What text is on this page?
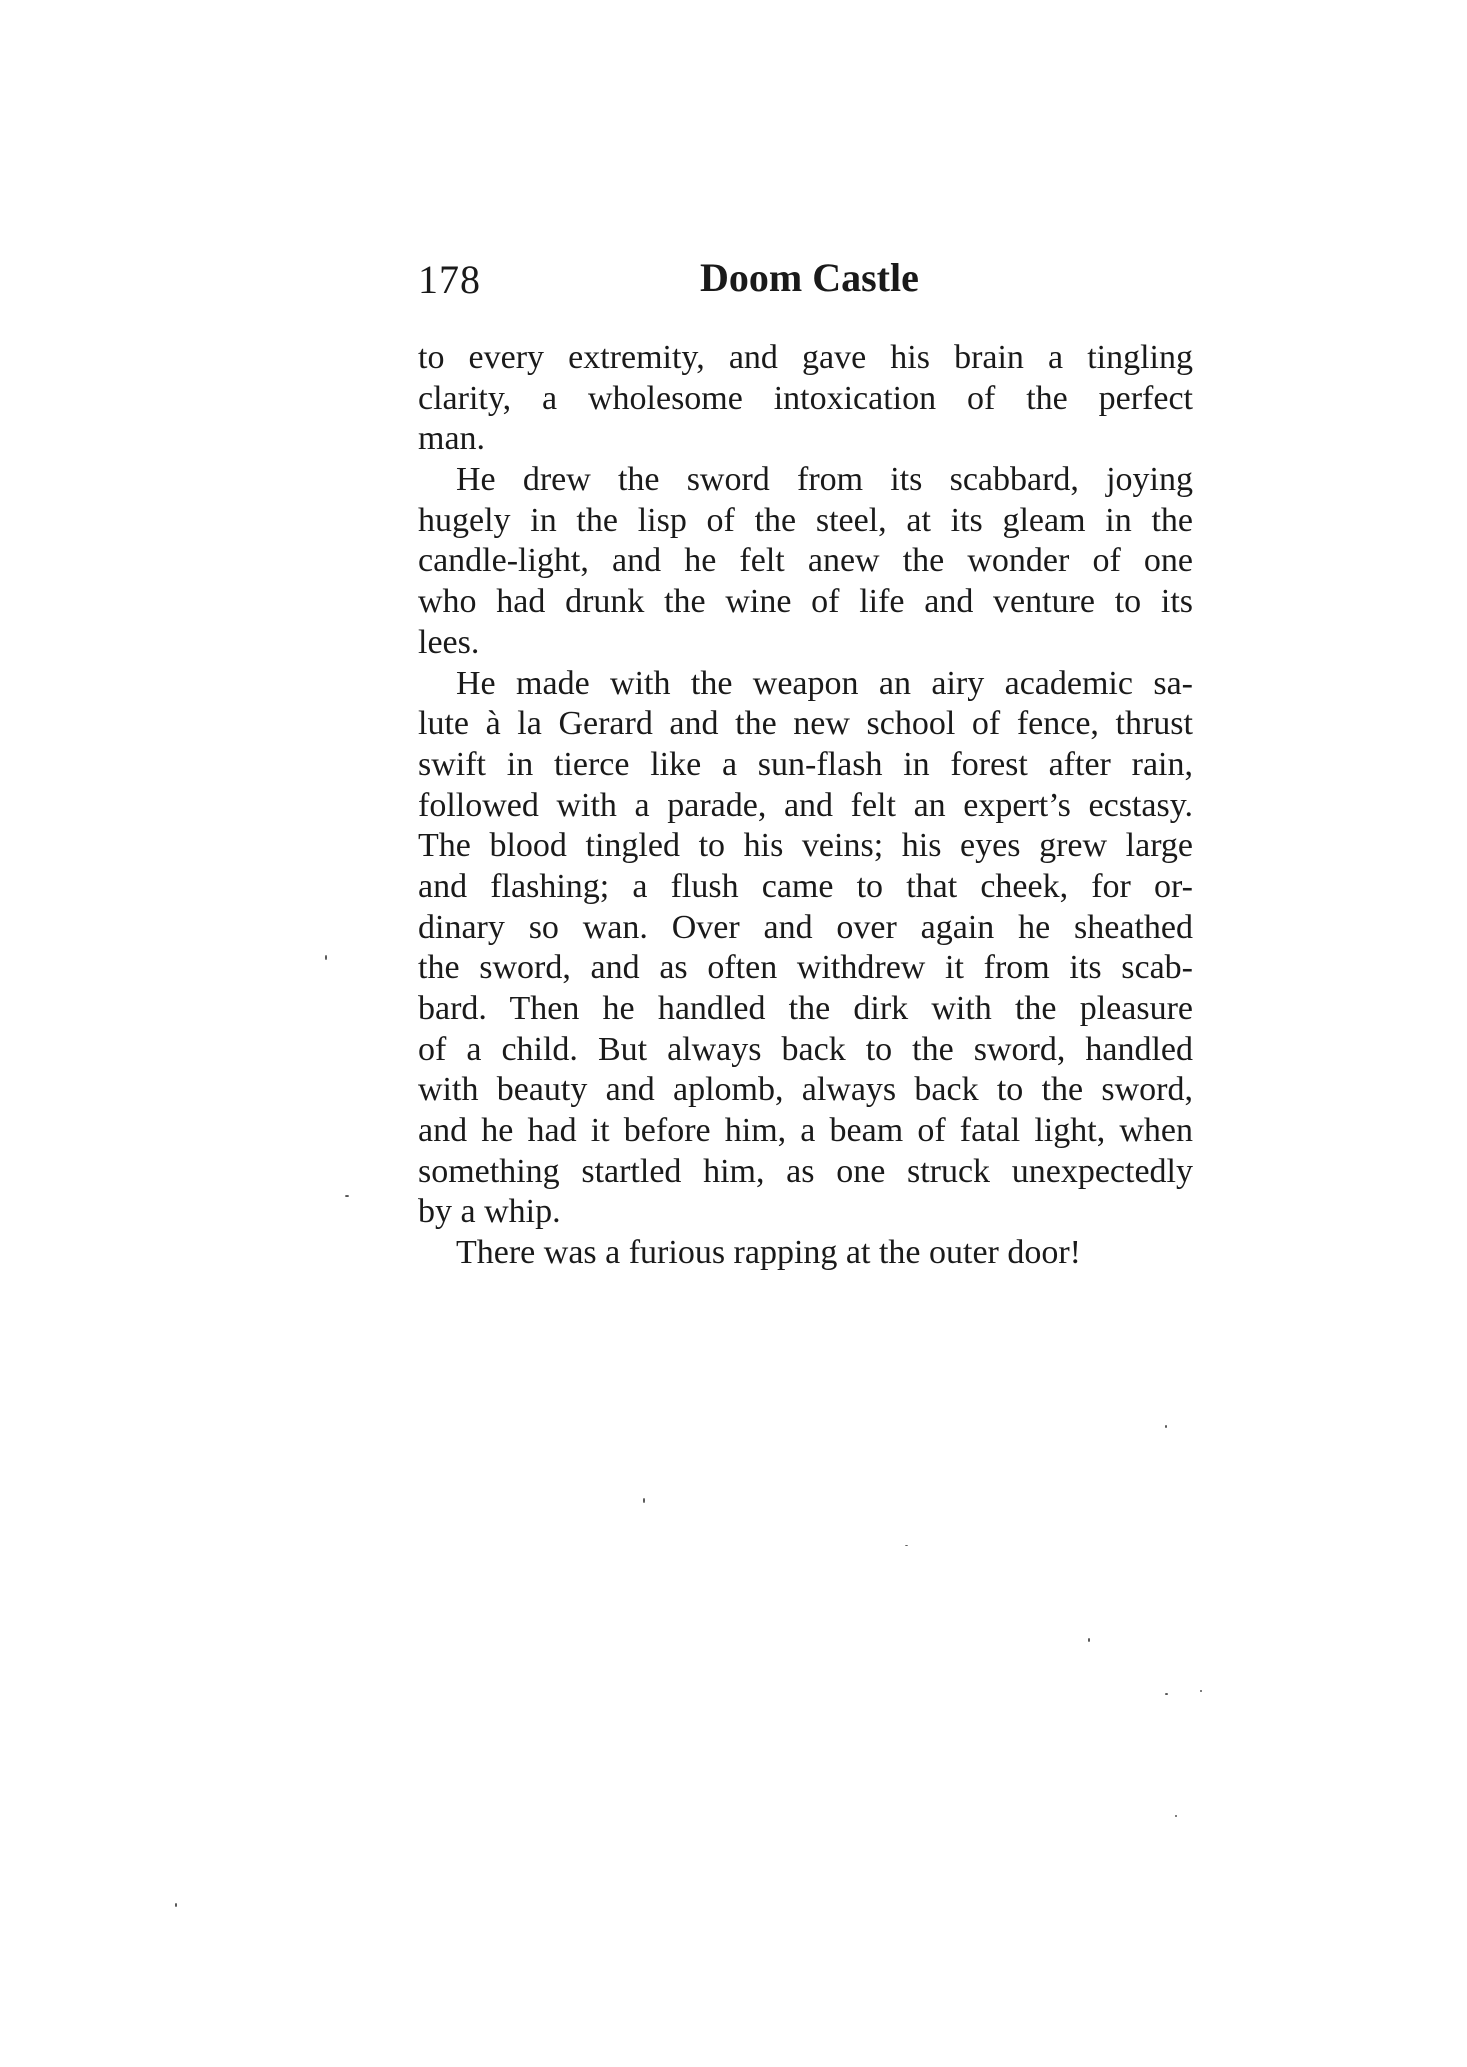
178	Doom Castle
to every extremity, and gave his brain a tingling
clarity, a wholesome intoxication of the perfect
man.
He drew the sword from its scabbard, joying
hugely in the lisp of the steel, at its gleam in the
candle-light, and he felt anew the wonder of one
who had drunk the wine of life and venture to its
lees.
He made with the weapon an airy academic sa-
lute à la Gerard and the new school of fence, thrust
swift in tierce like a sun-flash in forest after rain,
followed with a parade, and felt an expert’s ecstasy.
The blood tingled to his veins; his eyes grew large
and flashing; a flush came to that cheek, for or-
dinary so wan. Over and over again he sheathed
the sword, and as often withdrew it from its scab-
bard. Then he handled the dirk with the pleasure
of a child. But always back to the sword, handled
with beauty and aplomb, always back to the sword,
and he had it before him, a beam of fatal light, when
something startled him, as one struck unexpectedly
by a whip.
There was a furious rapping at the outer door!
